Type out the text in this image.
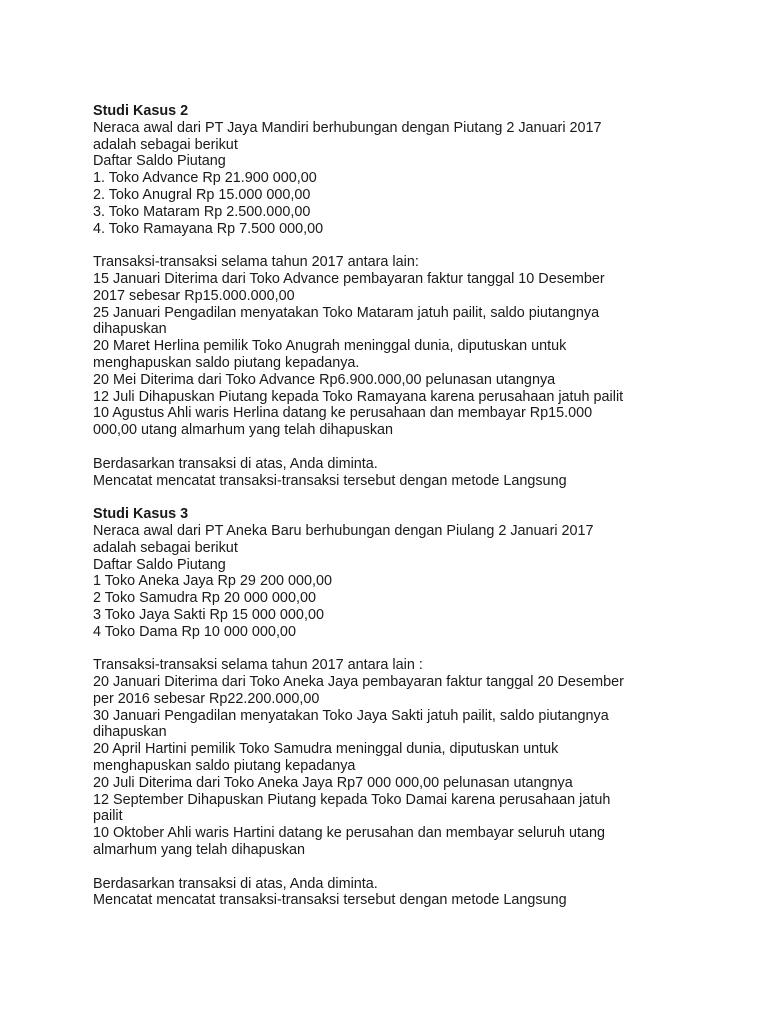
Studi Kasus 2
Neraca awal dari PT Jaya Mandiri berhubungan dengan Piutang 2 Januari 2017
adalah sebagai berikut
Daftar Saldo Piutang
1. Toko Advance Rp 21.900 000,00
2. Toko Anugral Rp 15.000 000,00
3. Toko Mataram Rp 2.500.000,00
4. Toko Ramayana Rp 7.500 000,00
Transaksi-transaksi selama tahun 2017 antara lain:
15 Januari Diterima dari Toko Advance pembayaran faktur tanggal 10 Desember
2017 sebesar Rp15.000.000,00
25 Januari Pengadilan menyatakan Toko Mataram jatuh pailit, saldo piutangnya
dihapuskan
20 Maret Herlina pemilik Toko Anugrah meninggal dunia, diputuskan untuk
menghapuskan saldo piutang kepadanya.
20 Mei Diterima dari Toko Advance Rp6.900.000,00 pelunasan utangnya
12 Juli Dihapuskan Piutang kepada Toko Ramayana karena perusahaan jatuh pailit
10 Agustus Ahli waris Herlina datang ke perusahaan dan membayar Rp15.000
000,00 utang almarhum yang telah dihapuskan
Berdasarkan transaksi di atas, Anda diminta.
Mencatat mencatat transaksi-transaksi tersebut dengan metode Langsung
Studi Kasus 3
Neraca awal dari PT Aneka Baru berhubungan dengan Piulang 2 Januari 2017
adalah sebagai berikut
Daftar Saldo Piutang
1 Toko Aneka Jaya Rp 29 200 000,00
2 Toko Samudra Rp 20 000 000,00
3 Toko Jaya Sakti Rp 15 000 000,00
4 Toko Dama Rp 10 000 000,00
Transaksi-transaksi selama tahun 2017 antara lain :
20 Januari Diterima dari Toko Aneka Jaya pembayaran faktur tanggal 20 Desember
per 2016 sebesar Rp22.200.000,00
30 Januari Pengadilan menyatakan Toko Jaya Sakti jatuh pailit, saldo piutangnya
dihapuskan
20 April Hartini pemilik Toko Samudra meninggal dunia, diputuskan untuk
menghapuskan saldo piutang kepadanya
20 Juli Diterima dari Toko Aneka Jaya Rp7 000 000,00 pelunasan utangnya
12 September Dihapuskan Piutang kepada Toko Damai karena perusahaan jatuh
pailit
10 Oktober Ahli waris Hartini datang ke perusahan dan membayar seluruh utang
almarhum yang telah dihapuskan
Berdasarkan transaksi di atas, Anda diminta.
Mencatat mencatat transaksi-transaksi tersebut dengan metode Langsung
